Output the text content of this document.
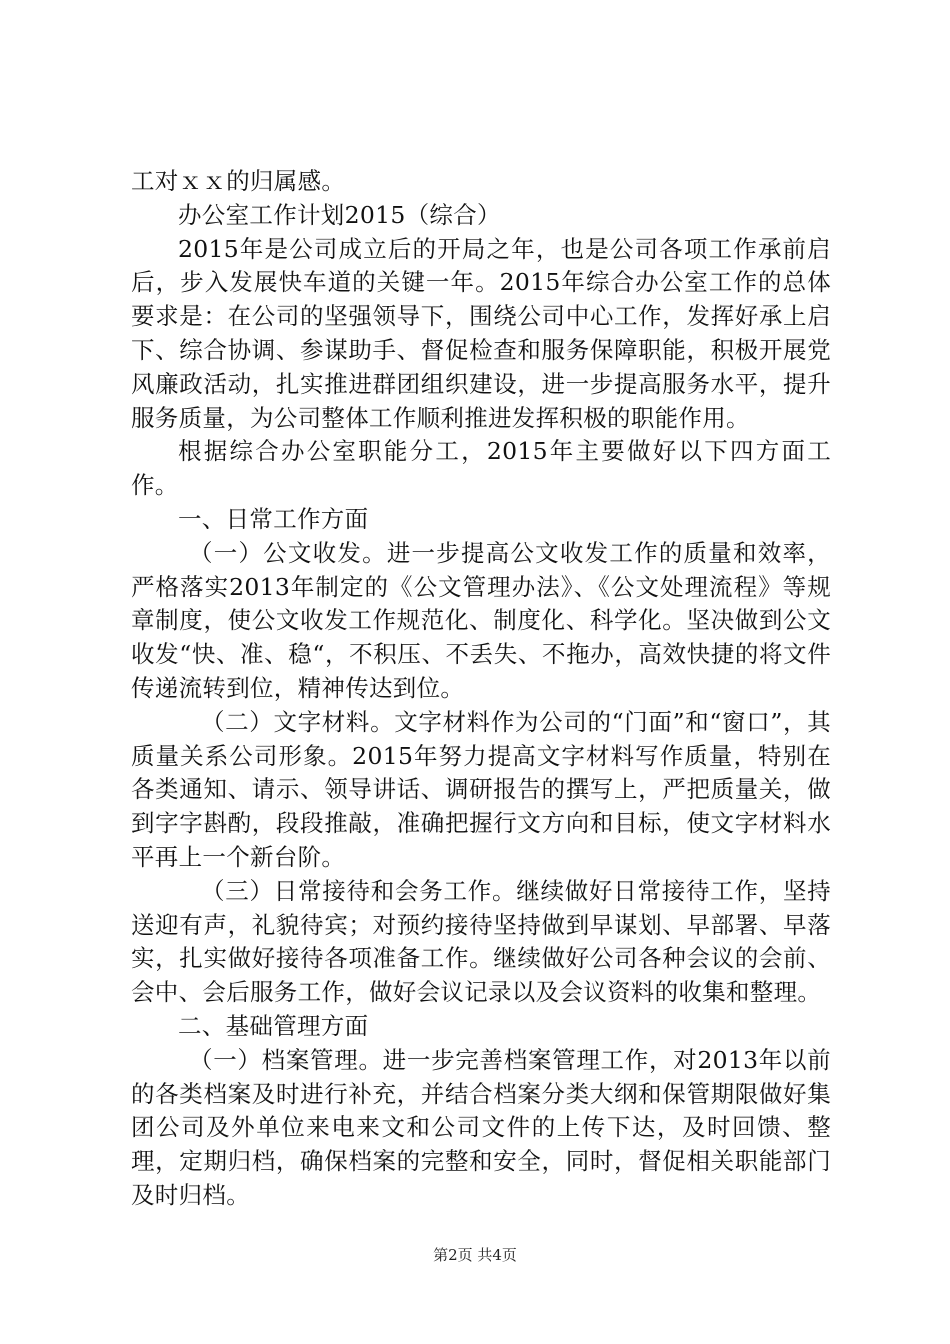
工对ｘｘ的归属感。

办公室工作计划2015（综合）

2015年是公司成立后的开局之年，也是公司各项工作承前启后，步入发展快车道的关键一年。2015年综合办公室工作的总体要求是：在公司的坚强领导下，围绕公司中心工作，发挥好承上启下、综合协调、参谋助手、督促检查和服务保障职能，积极开展党风廉政活动，扎实推进群团组织建设，进一步提高服务水平，提升服务质量，为公司整体工作顺利推进发挥积极的职能作用。

根据综合办公室职能分工，2015年主要做好以下四方面工作。

一、日常工作方面

（一）公文收发。进一步提高公文收发工作的质量和效率，严格落实2013年制定的《公文管理办法》、《公文处理流程》等规章制度，使公文收发工作规范化、制度化、科学化。坚决做到公文收发“快、准、稳“，不积压、不丢失、不拖办，高效快捷的将文件传递流转到位，精神传达到位。

（二）文字材料。文字材料作为公司的“门面”和“窗口”，其质量关系公司形象。2015年努力提高文字材料写作质量，特别在各类通知、请示、领导讲话、调研报告的撰写上，严把质量关，做到字字斟酌，段段推敲，准确把握行文方向和目标，使文字材料水平再上一个新台阶。

（三）日常接待和会务工作。继续做好日常接待工作，坚持送迎有声，礼貌待宾；对预约接待坚持做到早谋划、早部署、早落实，扎实做好接待各项准备工作。继续做好公司各种会议的会前、会中、会后服务工作，做好会议记录以及会议资料的收集和整理。

二、基础管理方面

（一）档案管理。进一步完善档案管理工作，对2013年以前的各类档案及时进行补充，并结合档案分类大纲和保管期限做好集团公司及外单位来电来文和公司文件的上传下达，及时回馈、整理，定期归档，确保档案的完整和安全，同时，督促相关职能部门及时归档。

第2页 共4页
